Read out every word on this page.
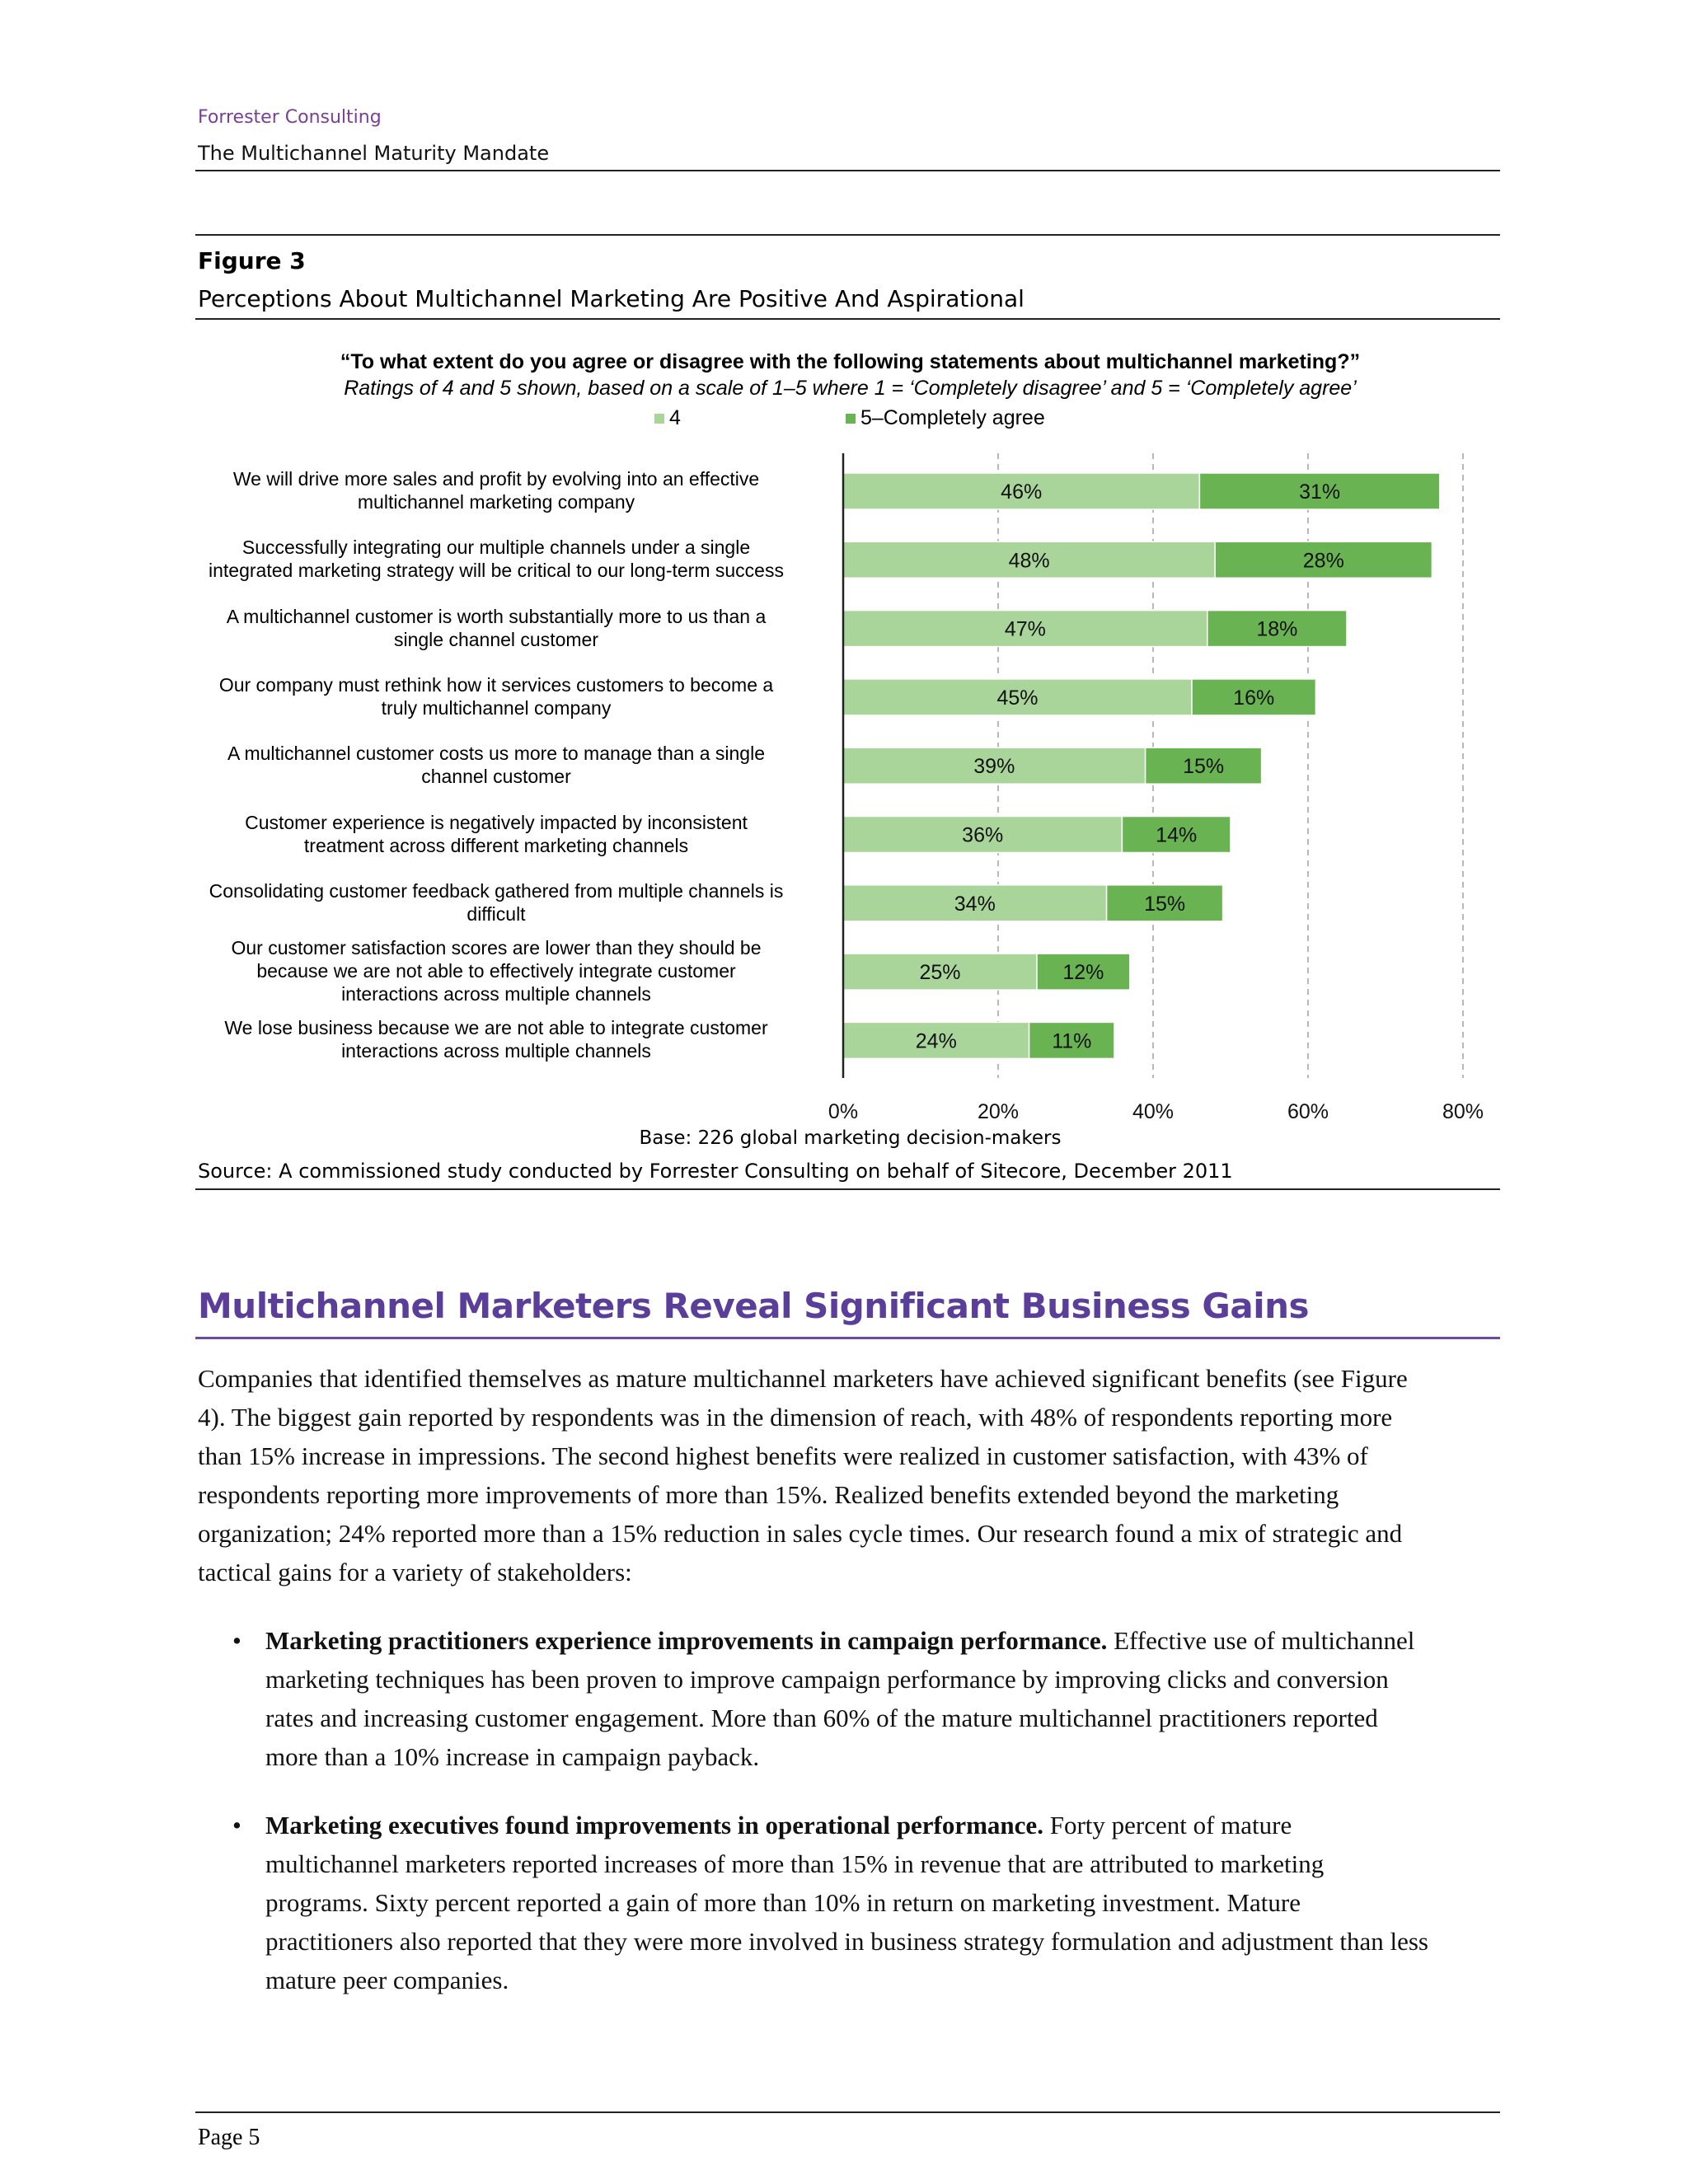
Forrester Consulting
The Multichannel Maturity Mandate
Figure 3
Perceptions About Multichannel Marketing Are Positive And Aspirational
“To what extent do you agree or disagree with the following statements about multichannel marketing?”
Ratings of 4 and 5 shown, based on a scale of 1–5 where 1 = ‘Completely disagree’ and 5 = ‘Completely agree’
4	5–Completely agree
We will drive more sales and profit by evolving into an effective
multichannel marketing company
Successfully integrating our multiple channels under a single
integrated marketing strategy will be critical to our long-term success
A multichannel customer is worth substantially more to us than a
single channel customer
Our company must rethink how it services customers to become a
truly multichannel company
A multichannel customer costs us more to manage than a single
channel customer
Customer experience is negatively impacted by inconsistent
treatment across different marketing channels
Consolidating customer feedback gathered from multiple channels is
difficult
Our customer satisfaction scores are lower than they should be
because we are not able to effectively integrate customer
interactions across multiple channels
We lose business because we are not able to integrate customer
interactions across multiple channels
46%	31%
48%	28%
47%	18%
45%	16%
39%	15%
36%	14%
34%	15%
25%	12%
24%	11%
0%	20%	40%	60%	80%
Base: 226 global marketing decision-makers
Source: A commissioned study conducted by Forrester Consulting on behalf of Sitecore, December 2011
Multichannel Marketers Reveal Significant Business Gains
Companies that identified themselves as mature multichannel marketers have achieved significant benefits (see Figure
4). The biggest gain reported by respondents was in the dimension of reach, with 48% of respondents reporting more
than 15% increase in impressions. The second highest benefits were realized in customer satisfaction, with 43% of
respondents reporting more improvements of more than 15%. Realized benefits extended beyond the marketing
organization; 24% reported more than a 15% reduction in sales cycle times. Our research found a mix of strategic and
tactical gains for a variety of stakeholders:
• Marketing practitioners experience improvements in campaign performance. Effective use of multichannel
marketing techniques has been proven to improve campaign performance by improving clicks and conversion
rates and increasing customer engagement. More than 60% of the mature multichannel practitioners reported
more than a 10% increase in campaign payback.
• Marketing executives found improvements in operational performance. Forty percent of mature
multichannel marketers reported increases of more than 15% in revenue that are attributed to marketing
programs. Sixty percent reported a gain of more than 10% in return on marketing investment. Mature
practitioners also reported that they were more involved in business strategy formulation and adjustment than less
mature peer companies.
Page 5
